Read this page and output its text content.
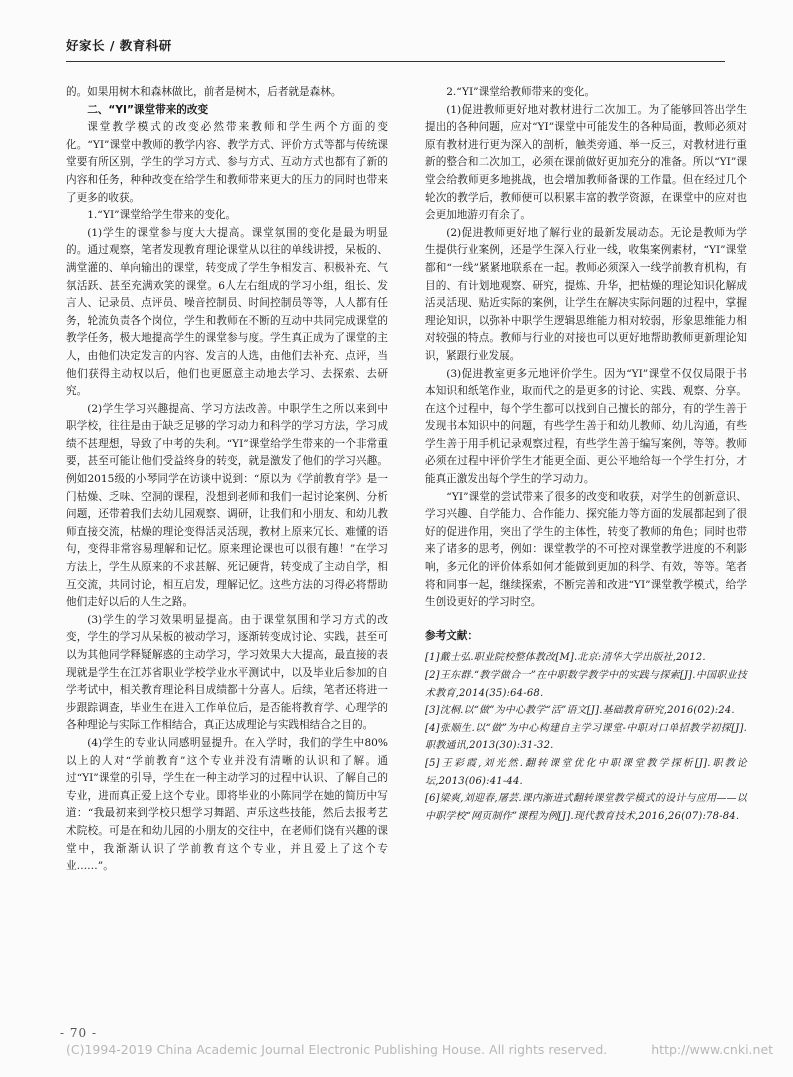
好家长 / 教育科研

的。如果用树木和森林做比，前者是树木，后者就是森林。

二、“YI”课堂带来的改变

课堂教学模式的改变必然带来教师和学生两个方面的变化。“YI”课堂中教师的教学内容、教学方式、评价方式等都与传统课堂要有所区别，学生的学习方式、参与方式、互动方式也都有了新的内容和任务，种种改变在给学生和教师带来更大的压力的同时也带来了更多的收获。

1.“YI”课堂给学生带来的变化。

(1)学生的课堂参与度大大提高。课堂氛围的变化是最为明显的。通过观察，笔者发现教育理论课堂从以往的单线讲授，呆板的、满堂灌的、单向输出的课堂，转变成了学生争相发言、积极补充、气氛活跃、甚至充满欢笑的课堂。6人左右组成的学习小组，组长、发言人、记录员、点评员、噪音控制员、时间控制员等等，人人都有任务，轮流负责各个岗位，学生和教师在不断的互动中共同完成课堂的教学任务，极大地提高学生的课堂参与度。学生真正成为了课堂的主人，由他们决定发言的内容、发言的人选，由他们去补充、点评，当他们获得主动权以后，他们也更愿意主动地去学习、去探索、去研究。

(2)学生学习兴趣提高、学习方法改善。中职学生之所以来到中职学校，往往是由于缺乏足够的学习动力和科学的学习方法，学习成绩不甚理想，导致了中考的失利。“YI”课堂给学生带来的一个非常重要，甚至可能让他们受益终身的转变，就是激发了他们的学习兴趣。例如2015级的小琴同学在访谈中说到：“原以为《学前教育学》是一门枯燥、乏味、空洞的课程，没想到老师和我们一起讨论案例、分析问题，还带着我们去幼儿园观察、调研，让我们和小朋友、和幼儿教师直接交流，枯燥的理论变得活灵活现，教材上原来冗长、难懂的语句，变得非常容易理解和记忆。原来理论课也可以很有趣！”在学习方法上，学生从原来的不求甚解、死记硬背，转变成了主动自学，相互交流，共同讨论，相互启发，理解记忆。这些方法的习得必将帮助他们走好以后的人生之路。

(3)学生的学习效果明显提高。由于课堂氛围和学习方式的改变，学生的学习从呆板的被动学习，逐渐转变成讨论、实践，甚至可以为其他同学释疑解惑的主动学习，学习效果大大提高，最直接的表现就是学生在江苏省职业学校学业水平测试中，以及毕业后参加的自学考试中，相关教育理论科目成绩都十分喜人。后续，笔者还将进一步跟踪调查，毕业生在进入工作单位后，是否能将教育学、心理学的各种理论与实际工作相结合，真正达成理论与实践相结合之目的。

(4)学生的专业认同感明显提升。在入学时，我们的学生中80%以上的人对“学前教育”这个专业并没有清晰的认识和了解。通过“YI”课堂的引导，学生在一种主动学习的过程中认识、了解自己的专业，进而真正爱上这个专业。即将毕业的小陈同学在她的简历中写道：“我最初来到学校只想学习舞蹈、声乐这些技能，然后去报考艺术院校。可是在和幼儿园的小朋友的交往中，在老师们饶有兴趣的课堂中，我渐渐认识了学前教育这个专业，并且爱上了这个专业……”。

2.“YI”课堂给教师带来的变化。

(1)促进教师更好地对教材进行二次加工。为了能够回答出学生提出的各种问题，应对“YI”课堂中可能发生的各种局面，教师必须对原有教材进行更为深入的剖析，触类旁通、举一反三，对教材进行重新的整合和二次加工，必须在课前做好更加充分的准备。所以“YI”课堂会给教师更多地挑战，也会增加教师备课的工作量。但在经过几个轮次的教学后，教师便可以积累丰富的教学资源，在课堂中的应对也会更加地游刃有余了。

(2)促进教师更好地了解行业的最新发展动态。无论是教师为学生提供行业案例，还是学生深入行业一线，收集案例素材，“YI”课堂都和“一线”紧紧地联系在一起。教师必须深入一线学前教育机构，有目的、有计划地观察、研究，提炼、升华，把枯燥的理论知识化解成活灵活现、贴近实际的案例，让学生在解决实际问题的过程中，掌握理论知识，以弥补中职学生逻辑思维能力相对较弱，形象思维能力相对较强的特点。教师与行业的对接也可以更好地帮助教师更新理论知识，紧跟行业发展。

(3)促进教室更多元地评价学生。因为“YI”课堂不仅仅局限于书本知识和纸笔作业，取而代之的是更多的讨论、实践、观察、分享。在这个过程中，每个学生都可以找到自己擅长的部分，有的学生善于发现书本知识中的问题，有些学生善于和幼儿教师、幼儿沟通，有些学生善于用手机记录观察过程，有些学生善于编写案例，等等。教师必须在过程中评价学生才能更全面、更公平地给每一个学生打分，才能真正激发出每个学生的学习动力。

“YI”课堂的尝试带来了很多的改变和收获，对学生的创新意识、学习兴趣、自学能力、合作能力、探究能力等方面的发展都起到了很好的促进作用，突出了学生的主体性，转变了教师的角色；同时也带来了诸多的思考，例如：课堂教学的不可控对课堂教学进度的不利影响，多元化的评价体系如何才能做到更加的科学、有效，等等。笔者将和同事一起，继续探索，不断完善和改进“YI”课堂教学模式，给学生创设更好的学习时空。

参考文献：

[1]戴士弘.职业院校整体教改[M].北京:清华大学出版社,2012.

[2]王东群.“教学做合一”在中职数学教学中的实践与探索[J].中国职业技术教育,2014(35):64-68.

[3]沈桐.以“做”为中心教学“活”语文[J].基础教育研究,2016(02):24.

[4]张顺生.以“做”为中心构建自主学习课堂-中职对口单招教学初探[J].职教通讯,2013(30):31-32.

[5]王彩霞,刘光然.翻转课堂优化中职课堂教学探析[J].职教论坛,2013(06):41-44.

[6]梁爽,刘迎春,屠芸.课内渐进式翻转课堂教学模式的设计与应用——以中职学校“网页制作”课程为例[J].现代教育技术,2016,26(07):78-84.

- 70 -
(C)1994-2019 China Academic Journal Electronic Publishing House. All rights reserved.	http://www.cnki.net
